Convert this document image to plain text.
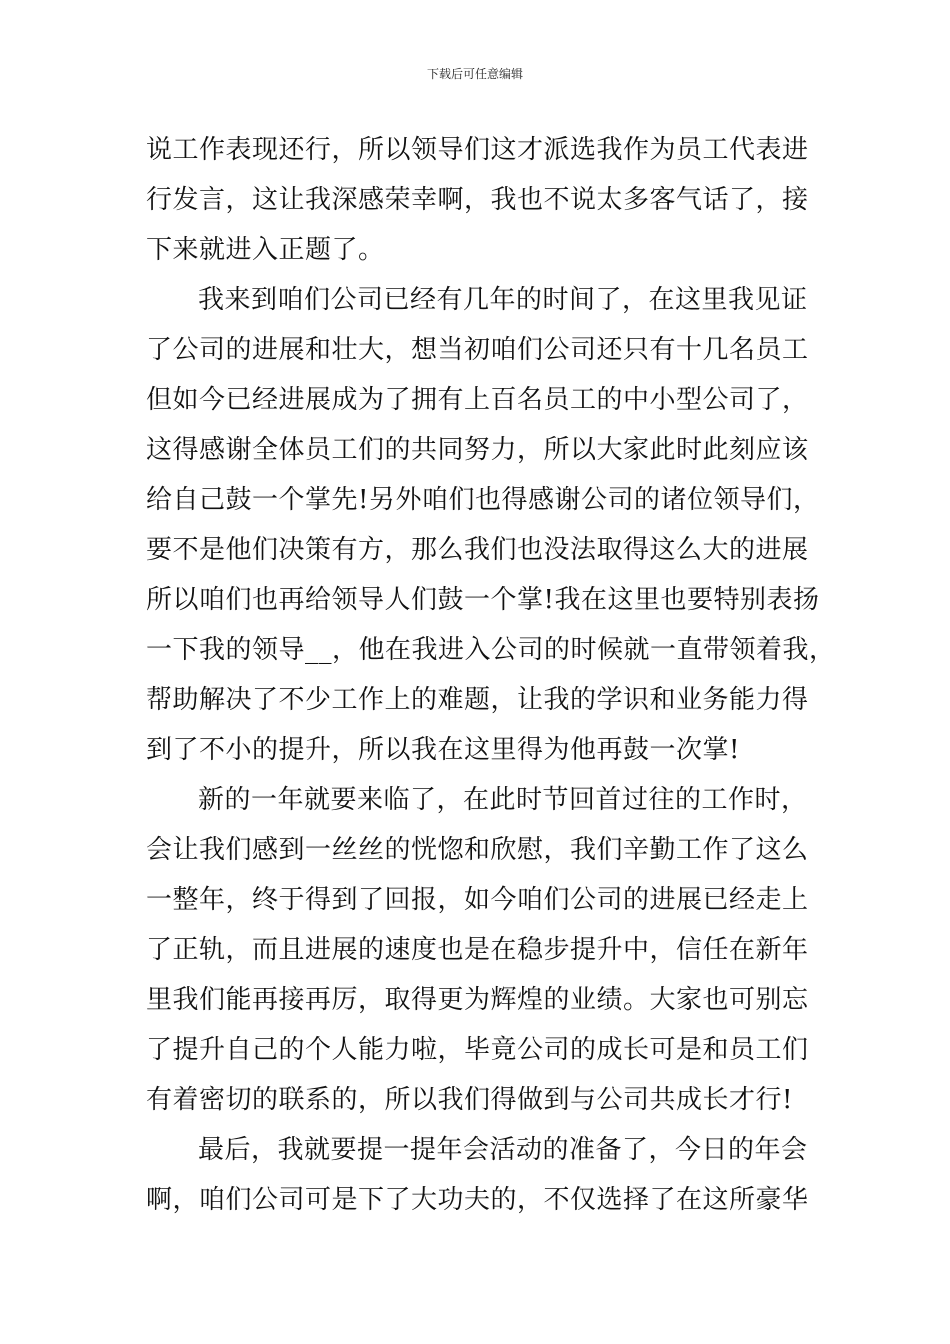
下载后可任意编辑
说工作表现还行，所以领导们这才派选我作为员工代表进
行发言，这让我深感荣幸啊，我也不说太多客气话了，接
下来就进入正题了。
我来到咱们公司已经有几年的时间了，在这里我见证
了公司的进展和壮大，想当初咱们公司还只有十几名员工
但如今已经进展成为了拥有上百名员工的中小型公司了，
这得感谢全体员工们的共同努力，所以大家此时此刻应该
给自己鼓一个掌先!另外咱们也得感谢公司的诸位领导们，
要不是他们决策有方，那么我们也没法取得这么大的进展
所以咱们也再给领导人们鼓一个掌!我在这里也要特别表扬
一下我的领导__，他在我进入公司的时候就一直带领着我，
帮助解决了不少工作上的难题，让我的学识和业务能力得
到了不小的提升，所以我在这里得为他再鼓一次掌!
新的一年就要来临了，在此时节回首过往的工作时，
会让我们感到一丝丝的恍惚和欣慰，我们辛勤工作了这么
一整年，终于得到了回报，如今咱们公司的进展已经走上
了正轨，而且进展的速度也是在稳步提升中，信任在新年
里我们能再接再厉，取得更为辉煌的业绩。大家也可别忘
了提升自己的个人能力啦，毕竟公司的成长可是和员工们
有着密切的联系的，所以我们得做到与公司共成长才行!
最后，我就要提一提年会活动的准备了，今日的年会
啊，咱们公司可是下了大功夫的，不仅选择了在这所豪华
